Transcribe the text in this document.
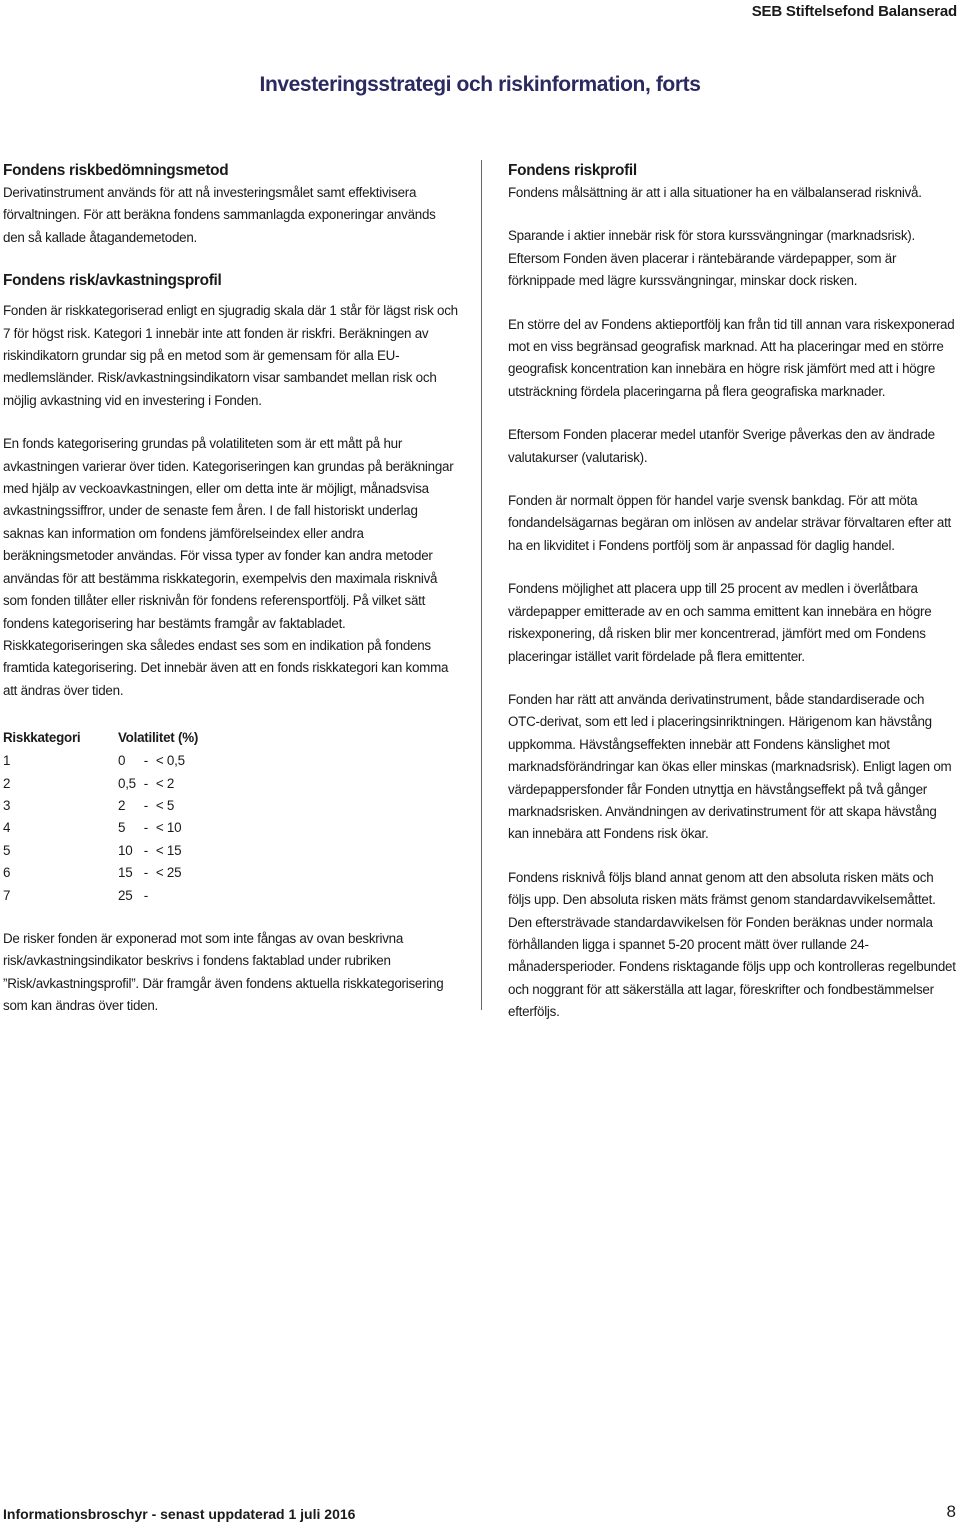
SEB Stiftelsefond Balanserad
Investeringsstrategi och riskinformation, forts
Fondens riskbedömningsmetod

Derivatinstrument används för att nå investeringsmålet samt effektivisera förvaltningen. För att beräkna fondens sammanlagda exponeringar används den så kallade åtagandemetoden.

Fondens risk/avkastningsprofil

Fonden är riskkategoriserad enligt en sjugradig skala där 1 står för lägst risk och 7 för högst risk. Kategori 1 innebär inte att fonden är riskfri. Beräkningen av riskindikatorn grundar sig på en metod som är gemensam för alla EU-medlemsländer. Risk/avkastningsindikatorn visar sambandet mellan risk och möjlig avkastning vid en investering i Fonden.

En fonds kategorisering grundas på volatiliteten som är ett mått på hur avkastningen varierar över tiden. Kategoriseringen kan grundas på beräkningar med hjälp av veckoavkastningen, eller om detta inte är möjligt, månadsvisa avkastningssiffror, under de senaste fem åren. I de fall historiskt underlag saknas kan information om fondens jämförelseindex eller andra beräkningsmetoder användas. För vissa typer av fonder kan andra metoder användas för att bestämma riskkategorin, exempelvis den maximala risknivå som fonden tillåter eller risknivån för fondens referensportfölj. På vilket sätt fondens kategorisering har bestämts framgår av faktabladet. Riskkategoriseringen ska således endast ses som en indikation på fondens framtida kategorisering. Det innebär även att en fonds riskkategori kan komma att ändras över tiden.

Riskkategori	Volatilitet (%)		
1	0	-	< 0,5
2	0,5	-	< 2
3	2	-	< 5
4	5	-	< 10
5	10	-	< 15
6	15	-	< 25
7	25	-	

De risker fonden är exponerad mot som inte fångas av ovan beskrivna risk/avkastningsindikator beskrivs i fondens faktablad under rubriken ”Risk/avkastningsprofil”. Där framgår även fondens aktuella riskkategorisering som kan ändras över tiden.

Fondens riskprofil

Fondens målsättning är att i alla situationer ha en välbalanserad risknivå.

Sparande i aktier innebär risk för stora kurssvängningar (marknadsrisk). Eftersom Fonden även placerar i räntebärande värdepapper, som är förknippade med lägre kurssvängningar, minskar dock risken.

En större del av Fondens aktieportfölj kan från tid till annan vara riskexponerad mot en viss begränsad geografisk marknad. Att ha placeringar med en större geografisk koncentration kan innebära en högre risk jämfört med att i högre utsträckning fördela placeringarna på flera geografiska marknader.

Eftersom Fonden placerar medel utanför Sverige påverkas den av ändrade valutakurser (valutarisk).

Fonden är normalt öppen för handel varje svensk bankdag. För att möta fondandelsägarnas begäran om inlösen av andelar strävar förvaltaren efter att ha en likviditet i Fondens portfölj som är anpassad för daglig handel.

Fondens möjlighet att placera upp till 25 procent av medlen i överlåtbara värdepapper emitterade av en och samma emittent kan innebära en högre riskexponering, då risken blir mer koncentrerad, jämfört med om Fondens placeringar istället varit fördelade på flera emittenter.

Fonden har rätt att använda derivatinstrument, både standardiserade och OTC-derivat, som ett led i placeringsinriktningen. Härigenom kan hävstång uppkomma. Hävstångseffekten innebär att Fondens känslighet mot marknadsförändringar kan ökas eller minskas (marknadsrisk). Enligt lagen om värdepappersfonder får Fonden utnyttja en hävstångseffekt på två gånger marknadsrisken. Användningen av derivatinstrument för att skapa hävstång kan innebära att Fondens risk ökar.

Fondens risknivå följs bland annat genom att den absoluta risken mäts och följs upp. Den absoluta risken mäts främst genom standardavvikelsemåttet. Den eftersträvade standardavvikelsen för Fonden beräknas under normala förhållanden ligga i spannet 5-20 procent mätt över rullande 24-månadersperioder. Fondens risktagande följs upp och kontrolleras regelbundet och noggrant för att säkerställa att lagar, föreskrifter och fondbestämmelser efterföljs.

Informationsbroschyr - senast uppdaterad 1 juli 2016	8
